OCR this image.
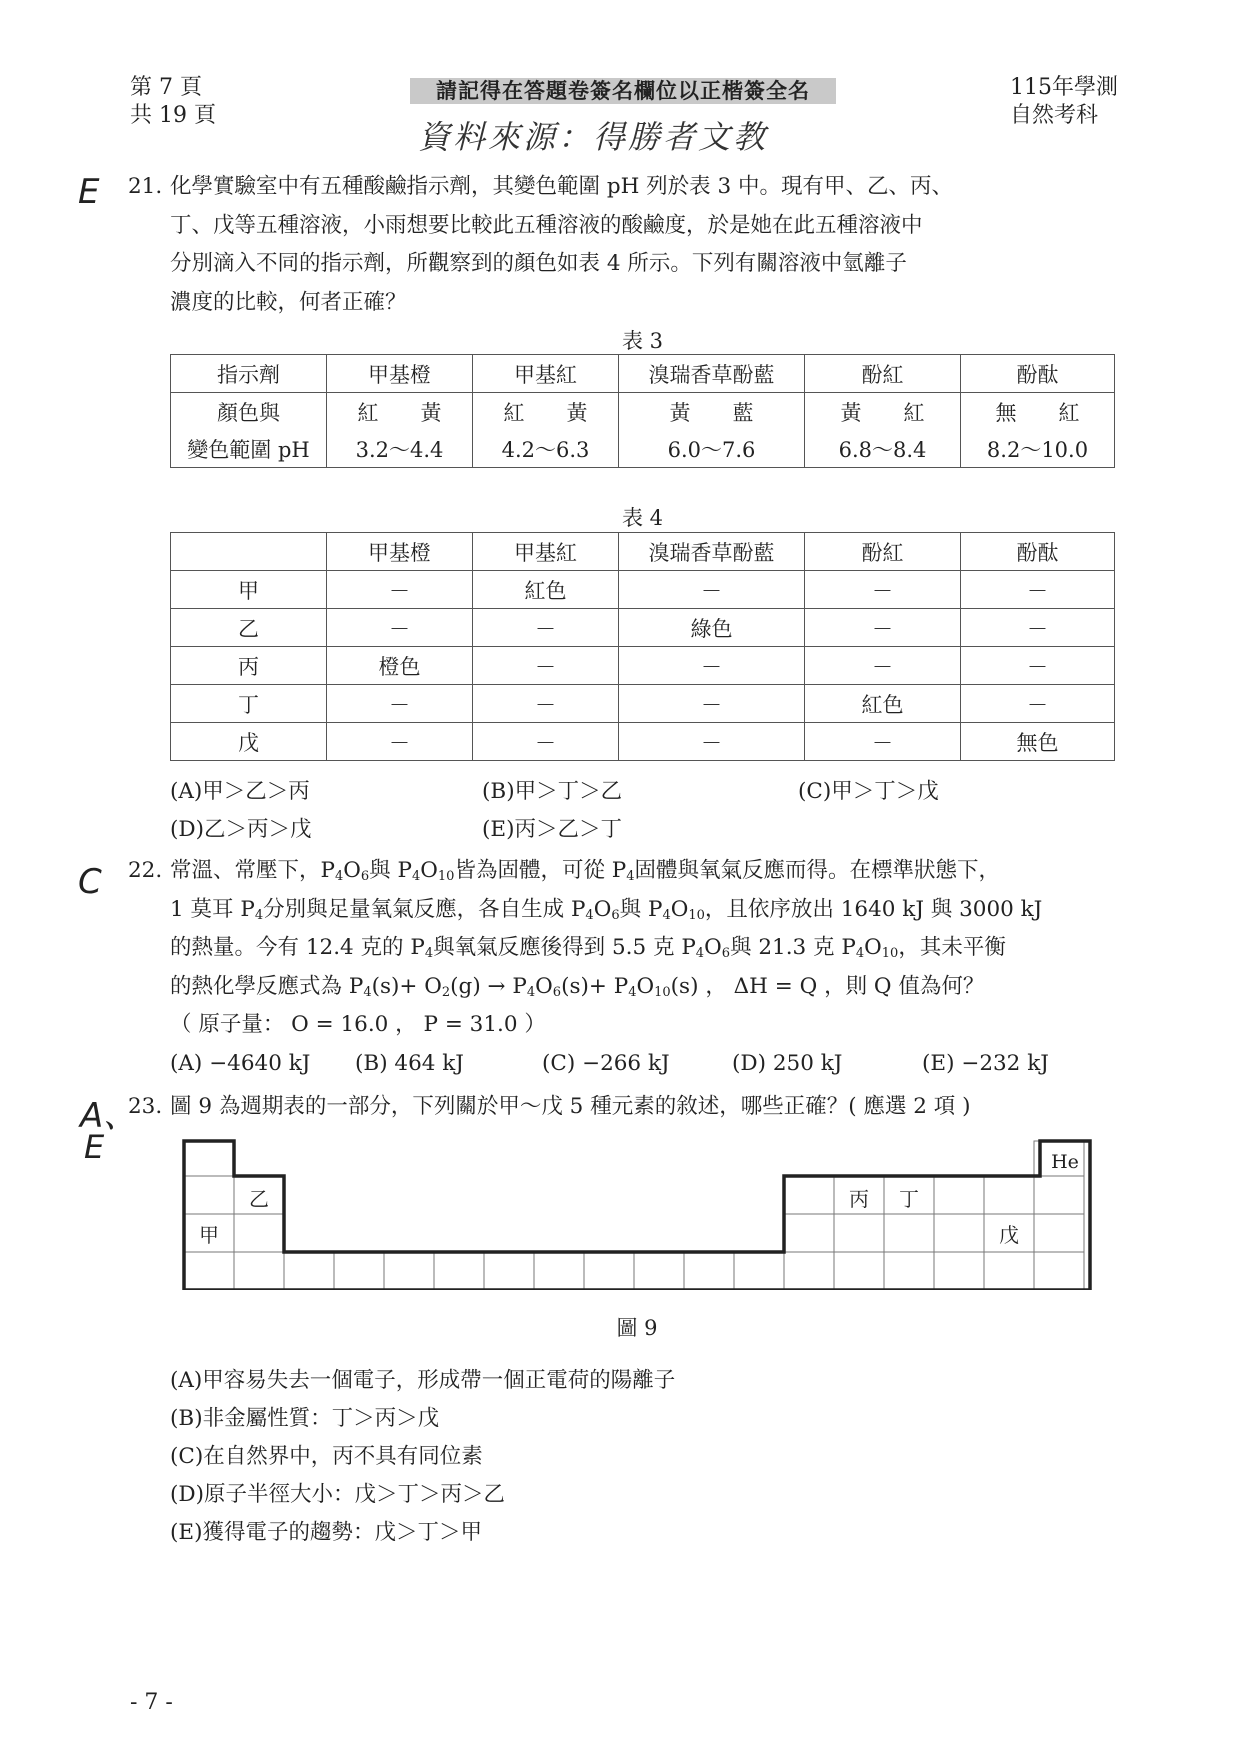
第 7 頁
共 19 頁
請記得在答題卷簽名欄位以正楷簽全名
資料來源：得勝者文教
115年學測
自然考科
E
C
A、
E
21. 化學實驗室中有五種酸鹼指示劑，其變色範圍 pH 列於表 3 中。現有甲、乙、丙、
丁、戊等五種溶液，小雨想要比較此五種溶液的酸鹼度，於是她在此五種溶液中
分別滴入不同的指示劑，所觀察到的顏色如表 4 所示。下列有關溶液中氫離子
濃度的比較，何者正確？
表 3
指示劑	甲基橙	甲基紅	溴瑞香草酚藍	酚紅	酚酞
顏色與	紅　　 黃	紅　　 黃	黃　　 藍	黃　　 紅	無　　 紅
變色範圍 pH	3.2～4.4	4.2～6.3	6.0～7.6	6.8～8.4	8.2～10.0
表 4
	甲基橙	甲基紅	溴瑞香草酚藍	酚紅	酚酞
甲	－	紅色	－	－	－
乙	－	－	綠色	－	－
丙	橙色	－	－	－	－
丁	－	－	－	紅色	－
戊	－	－	－	－	無色
(A)甲＞乙＞丙	(B)甲＞丁＞乙	(C)甲＞丁＞戊
(D)乙＞丙＞戊	(E)丙＞乙＞丁
22. 常溫、常壓下，$P_4O_6$與 $P_4O_{10}$皆為固體，可從 $P_4$固體與氧氣反應而得。在標準狀態下，
1 莫耳 $P_4$分別與足量氧氣反應，各自生成 $P_4O_6$與 $P_4O_{10}$，且依序放出 1640 kJ 與 3000 kJ
的熱量。今有 12.4 克的 $P_4$與氧氣反應後得到 5.5 克 $P_4O_6$與 21.3 克 $P_4O_{10}$，其未平衡
的熱化學反應式為 $P_4(s)+ O_2(g) \to P_4O_6(s)+ P_4O_{10}(s)$ ， ΔH = Q ，則 Q 值為何？
（ 原子量： O = 16.0 ， P = 31.0 ）
(A) −4640 kJ (B) 464 kJ	(C) −266 kJ	(D) 250 kJ	(E) −232 kJ
23. 圖 9 為週期表的一部分，下列關於甲～戊 5 種元素的敘述，哪些正確？( 應選 2 項 )
He
乙
甲
丙 丁
戊
圖 9
(A)甲容易失去一個電子，形成帶一個正電荷的陽離子
(B)非金屬性質：丁＞丙＞戊
(C)在自然界中，丙不具有同位素
(D)原子半徑大小：戊＞丁＞丙＞乙
(E)獲得電子的趨勢：戊＞丁＞甲
- 7 -
